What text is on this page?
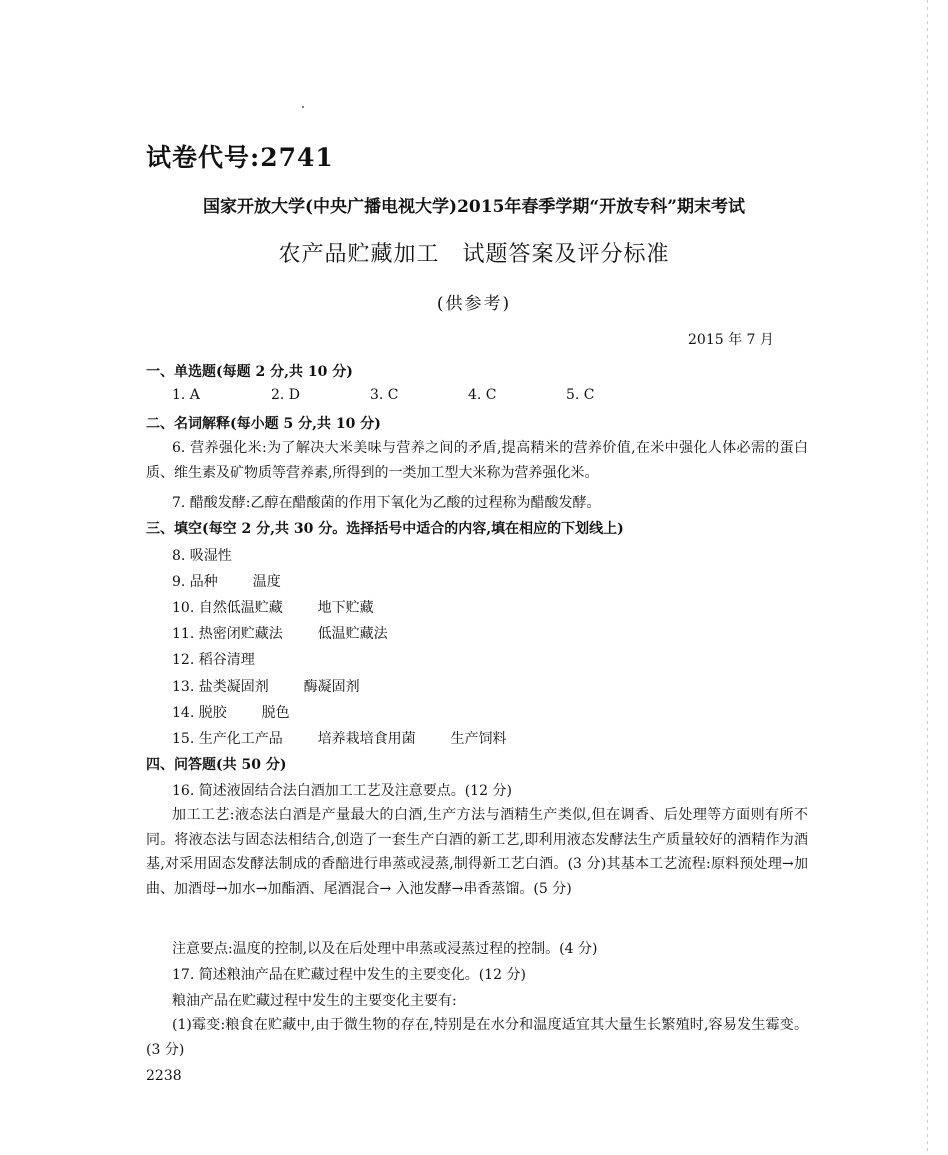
试卷代号:2741
国家开放大学(中央广播电视大学)2015年春季学期“开放专科”期末考试
农产品贮藏加工　试题答案及评分标准
(供参考)
2015 年 7 月
一、单选题(每题 2 分,共 10 分)
1. A	2. D	3. C	4. C	5. C
二、名词解释(每小题 5 分,共 10 分)
6. 营养强化米:为了解决大米美味与营养之间的矛盾,提高精米的营养价值,在米中强化人体必需的蛋白质、维生素及矿物质等营养素,所得到的一类加工型大米称为营养强化米。
7. 醋酸发酵:乙醇在醋酸菌的作用下氧化为乙酸的过程称为醋酸发酵。
三、填空(每空 2 分,共 30 分。选择括号中适合的内容,填在相应的下划线上)
8. 吸湿性
9. 品种 温度
10. 自然低温贮藏 地下贮藏
11. 热密闭贮藏法 低温贮藏法
12. 稻谷清理
13. 盐类凝固剂 酶凝固剂
14. 脱胶 脱色
15. 生产化工产品 培养栽培食用菌 生产饲料
四、问答题(共 50 分)
16. 简述液固结合法白酒加工工艺及注意要点。(12 分)
加工工艺:液态法白酒是产量最大的白酒,生产方法与酒精生产类似,但在调香、后处理等方面则有所不同。将液态法与固态法相结合,创造了一套生产白酒的新工艺,即利用液态发酵法生产质量较好的酒精作为酒基,对采用固态发酵法制成的香醅进行串蒸或浸蒸,制得新工艺白酒。(3 分)其基本工艺流程:原料预处理→加曲、加酒母→加水→加酯酒、尾酒混合→ 入池发酵→串香蒸馏。(5 分)
注意要点:温度的控制,以及在后处理中串蒸或浸蒸过程的控制。(4 分)
17. 简述粮油产品在贮藏过程中发生的主要变化。(12 分)
粮油产品在贮藏过程中发生的主要变化主要有:
(1)霉变:粮食在贮藏中,由于微生物的存在,特别是在水分和温度适宜其大量生长繁殖时,容易发生霉变。(3 分)
2238
